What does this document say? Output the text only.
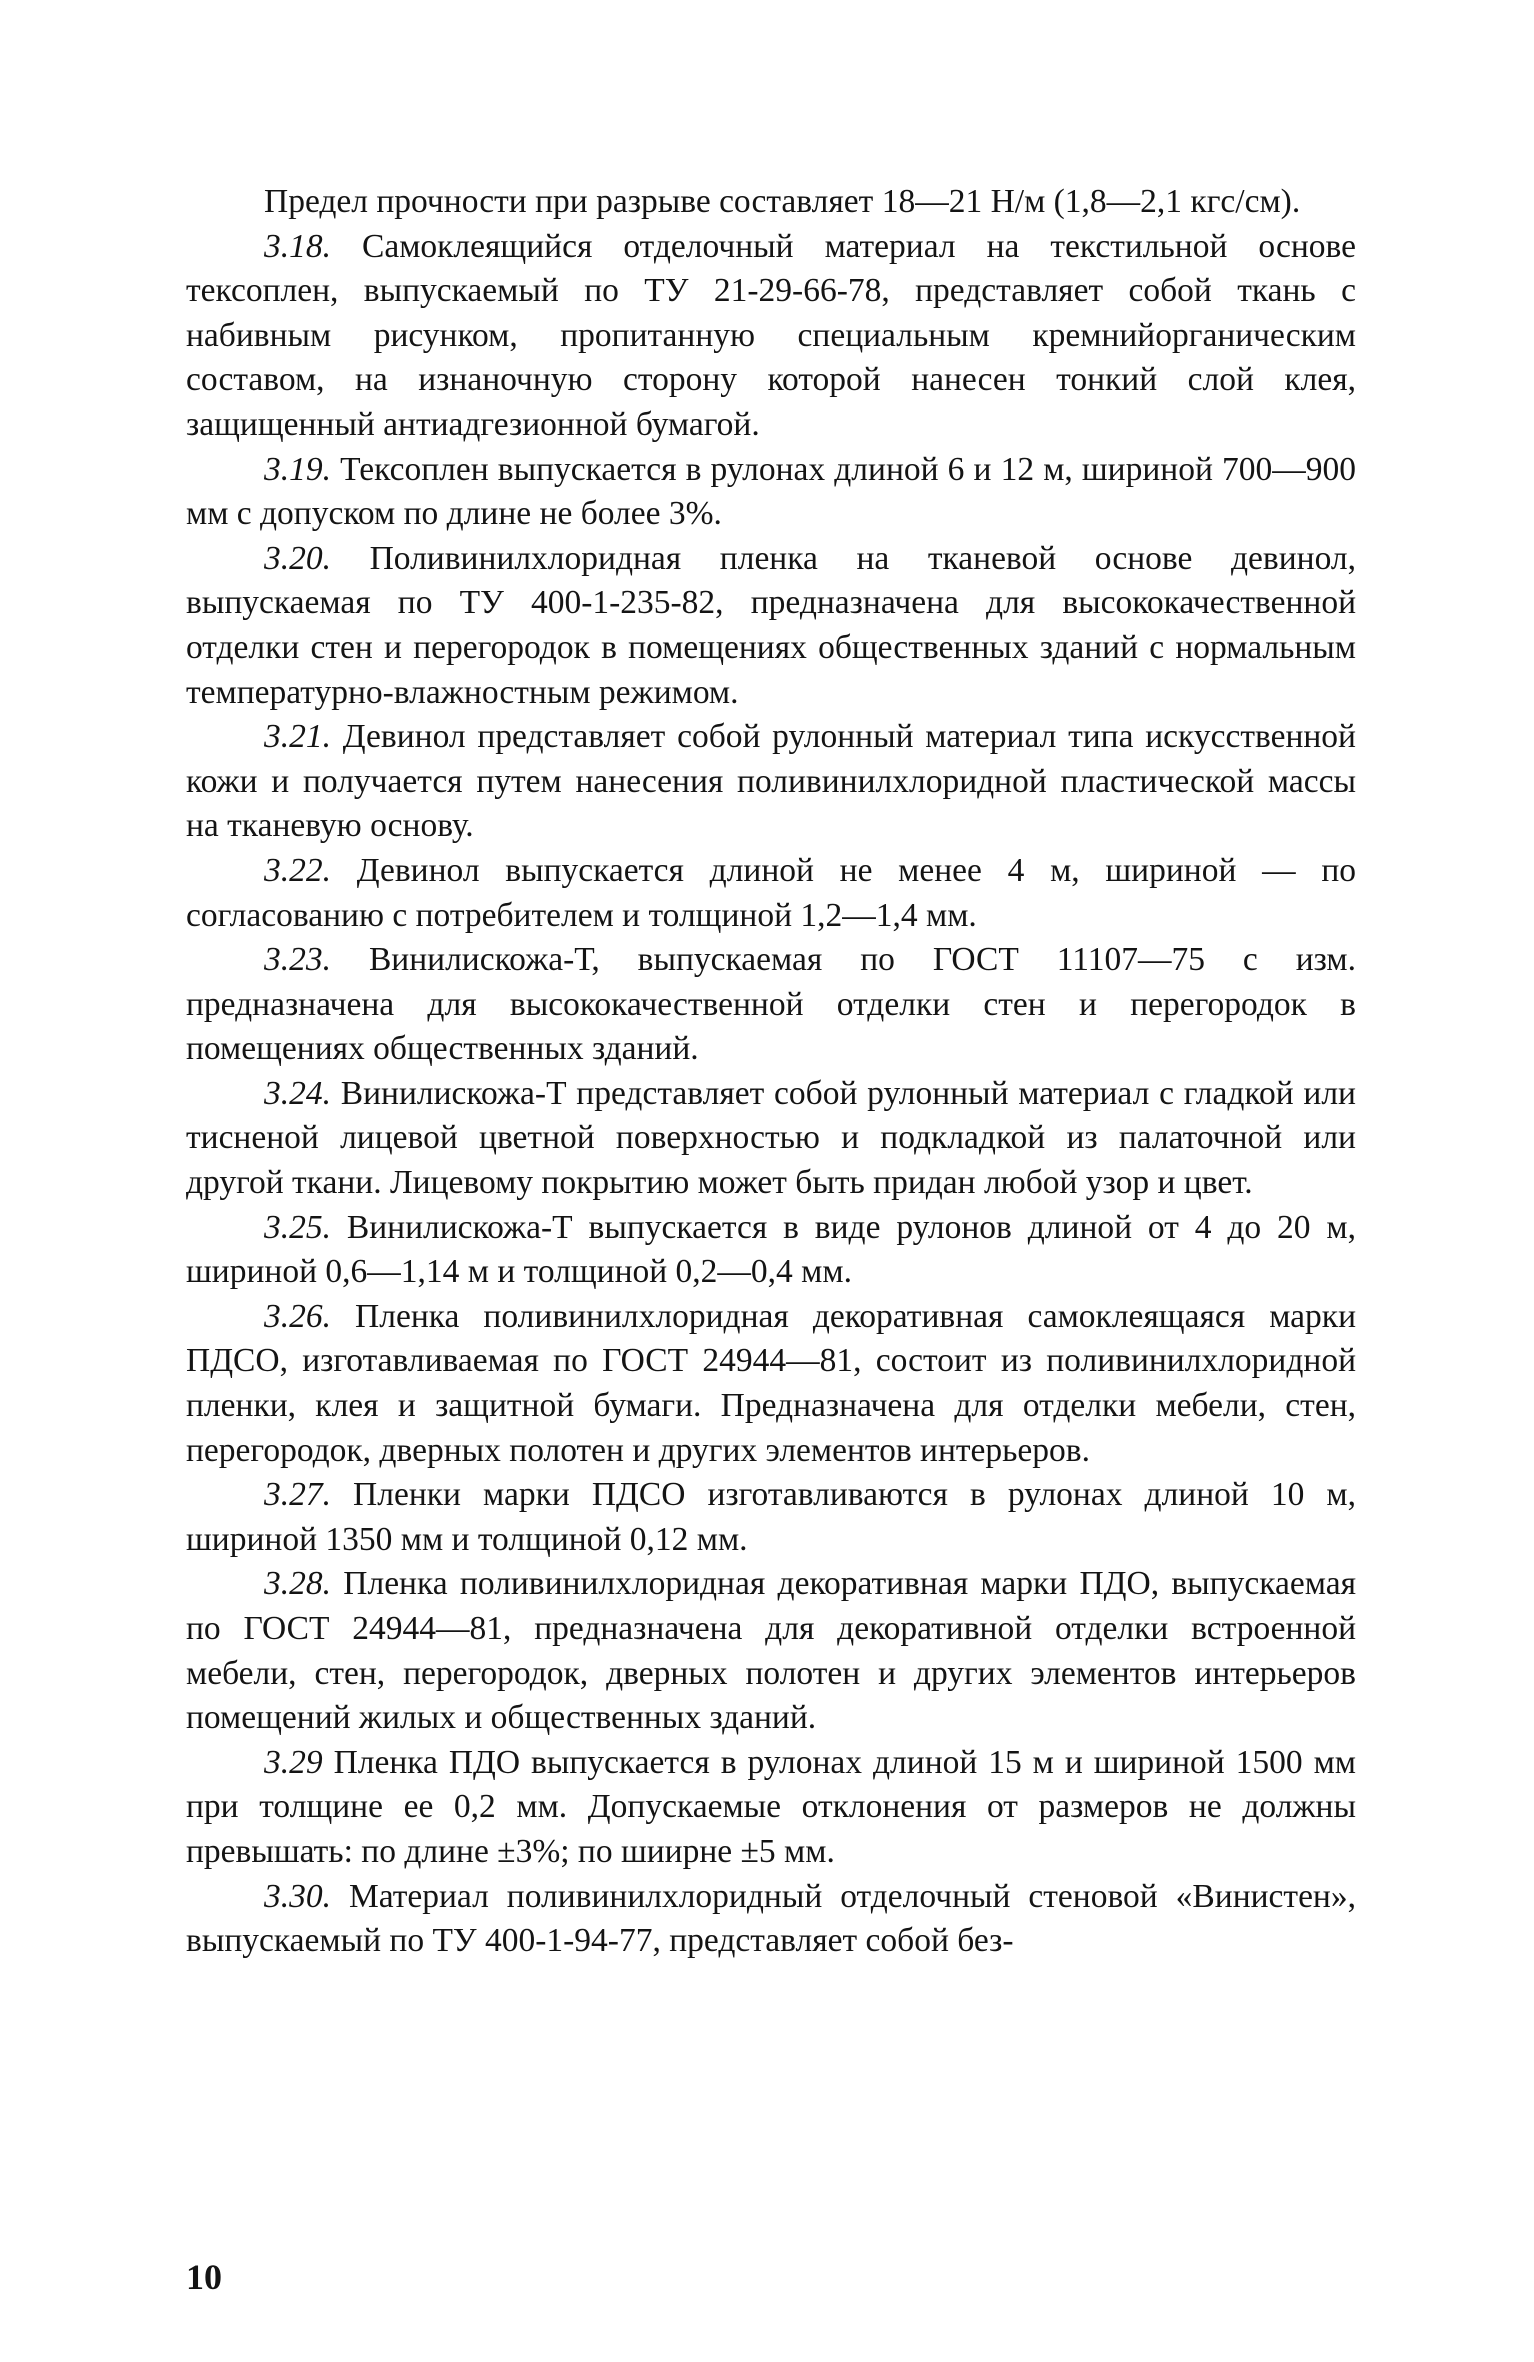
Предел прочности при разрыве составляет 18—21 Н/м (1,8—2,1 кгс/см).

3.18. Самоклеящийся отделочный материал на текстильной основе тексоплен, выпускаемый по ТУ 21-29-66-78, представляет собой ткань с набивным рисунком, пропитанную специальным кремнийорганическим составом, на изнаночную сторону которой нанесен тонкий слой клея, защищенный антиадгезионной бумагой.

3.19. Тексоплен выпускается в рулонах длиной 6 и 12 м, шириной 700—900 мм с допуском по длине не более 3%.

3.20. Поливинилхлоридная пленка на тканевой основе девинол, выпускаемая по ТУ 400-1-235-82, предназначена для высококачественной отделки стен и перегородок в помещениях общественных зданий с нормальным температурно-влажностным режимом.

3.21. Девинол представляет собой рулонный материал типа искусственной кожи и получается путем нанесения поливинилхлоридной пластической массы на тканевую основу.

3.22. Девинол выпускается длиной не менее 4 м, шириной — по согласованию с потребителем и толщиной 1,2—1,4 мм.

3.23. Винилискожа-Т, выпускаемая по ГОСТ 11107—75 с изм. предназначена для высококачественной отделки стен и перегородок в помещениях общественных зданий.

3.24. Винилискожа-Т представляет собой рулонный материал с гладкой или тисненой лицевой цветной поверхностью и подкладкой из палаточной или другой ткани. Лицевому покрытию может быть придан любой узор и цвет.

3.25. Винилискожа-Т выпускается в виде рулонов длиной от 4 до 20 м, шириной 0,6—1,14 м и толщиной 0,2—0,4 мм.

3.26. Пленка поливинилхлоридная декоративная самоклеящаяся марки ПДСО, изготавливаемая по ГОСТ 24944—81, состоит из поливинилхлоридной пленки, клея и защитной бумаги. Предназначена для отделки мебели, стен, перегородок, дверных полотен и других элементов интерьеров.

3.27. Пленки марки ПДСО изготавливаются в рулонах длиной 10 м, шириной 1350 мм и толщиной 0,12 мм.

3.28. Пленка поливинилхлоридная декоративная марки ПДО, выпускаемая по ГОСТ 24944—81, предназначена для декоративной отделки встроенной мебели, стен, перегородок, дверных полотен и других элементов интерьеров помещений жилых и общественных зданий.

3.29 Пленка ПДО выпускается в рулонах длиной 15 м и шириной 1500 мм при толщине ее 0,2 мм. Допускаемые отклонения от размеров не должны превышать: по длине ±3%; по шиирне ±5 мм.

3.30. Материал поливинилхлоридный отделочный стеновой «Винистен», выпускаемый по ТУ 400-1-94-77, представляет собой без-

10
